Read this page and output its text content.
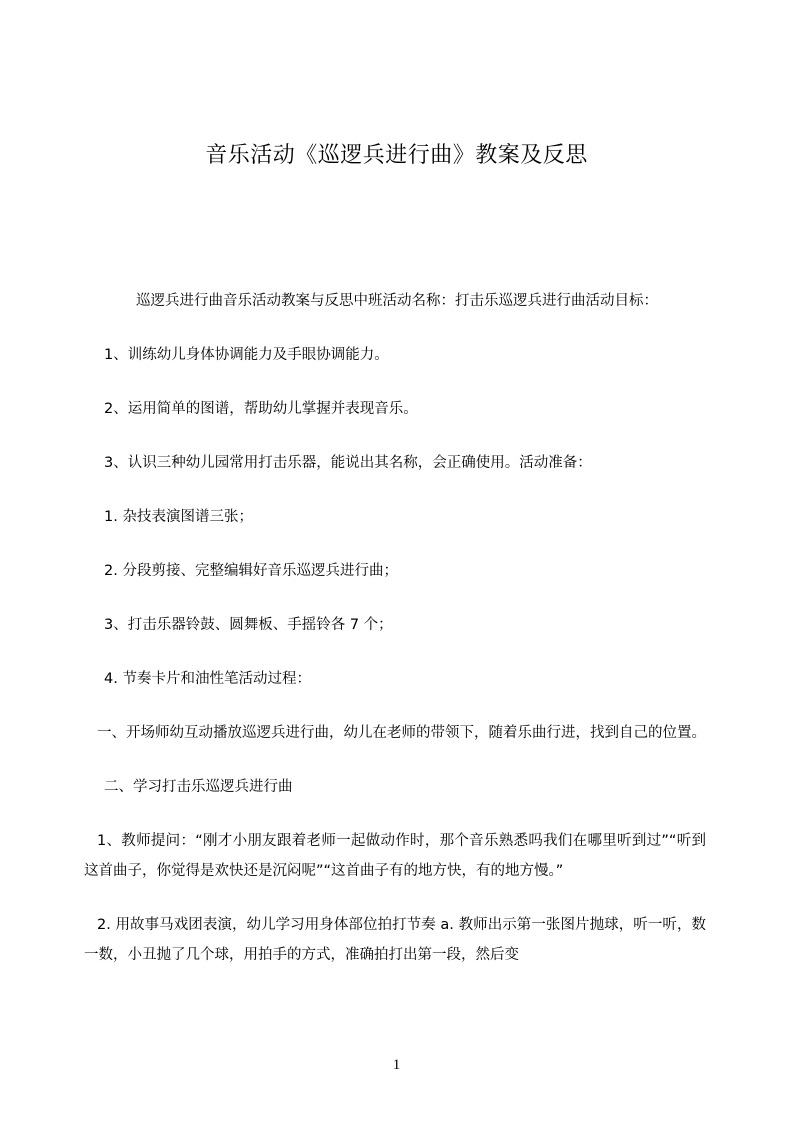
音乐活动《巡逻兵进行曲》教案及反思

巡逻兵进行曲音乐活动教案与反思中班活动名称：打击乐巡逻兵进行曲活动目标：

1、训练幼儿身体协调能力及手眼协调能力。

2、运用简单的图谱，帮助幼儿掌握并表现音乐。

3、认识三种幼儿园常用打击乐器，能说出其名称，会正确使用。活动准备：

1. 杂技表演图谱三张；

2. 分段剪接、完整编辑好音乐巡逻兵进行曲；

3、打击乐器铃鼓、圆舞板、手摇铃各 7 个；

4. 节奏卡片和油性笔活动过程：

一、开场师幼互动播放巡逻兵进行曲，幼儿在老师的带领下，随着乐曲行进，找到自己的位置。

二、学习打击乐巡逻兵进行曲

1、教师提问：“刚才小朋友跟着老师一起做动作时，那个音乐熟悉吗我们在哪里听到过”“听到这首曲子，你觉得是欢快还是沉闷呢”“这首曲子有的地方快，有的地方慢。”

2. 用故事马戏团表演，幼儿学习用身体部位拍打节奏 a. 教师出示第一张图片抛球，听一听，数一数，小丑抛了几个球，用拍手的方式，准确拍打出第一段，然后变

1
